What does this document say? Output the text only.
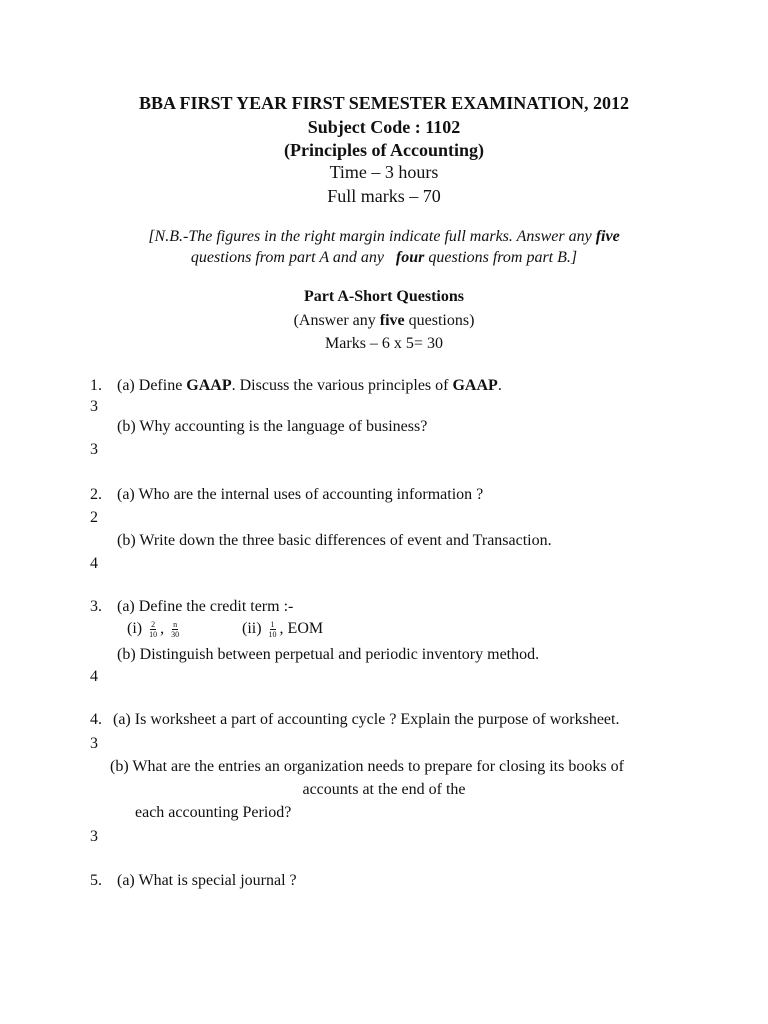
BBA FIRST YEAR FIRST SEMESTER EXAMINATION, 2012
Subject Code : 1102
(Principles of Accounting)
Time – 3 hours
Full marks – 70
[N.B.-The figures in the right margin indicate full marks. Answer any five
questions from part A and any   four questions from part B.]
Part A-Short Questions
(Answer any five questions)
Marks – 6 x 5= 30
1. (a) Define GAAP. Discuss the various principles of GAAP.
3
(b) Why accounting is the language of business?
3
2. (a) Who are the internal uses of accounting information ?
2
(b) Write down the three basic differences of event and Transaction.
4
3. (a) Define the credit term :-
$(i) \frac{2}{10}$ , $\frac{n}{30}$	$(ii) \frac{1}{10}$ , EOM
(b) Distinguish between perpetual and periodic inventory method.
4
4. (a) Is worksheet a part of accounting cycle ? Explain the purpose of worksheet.
3
(b) What are the entries an organization needs to prepare for closing its books of
accounts at the end of the
each accounting Period?
3
5. (a) What is special journal ?
